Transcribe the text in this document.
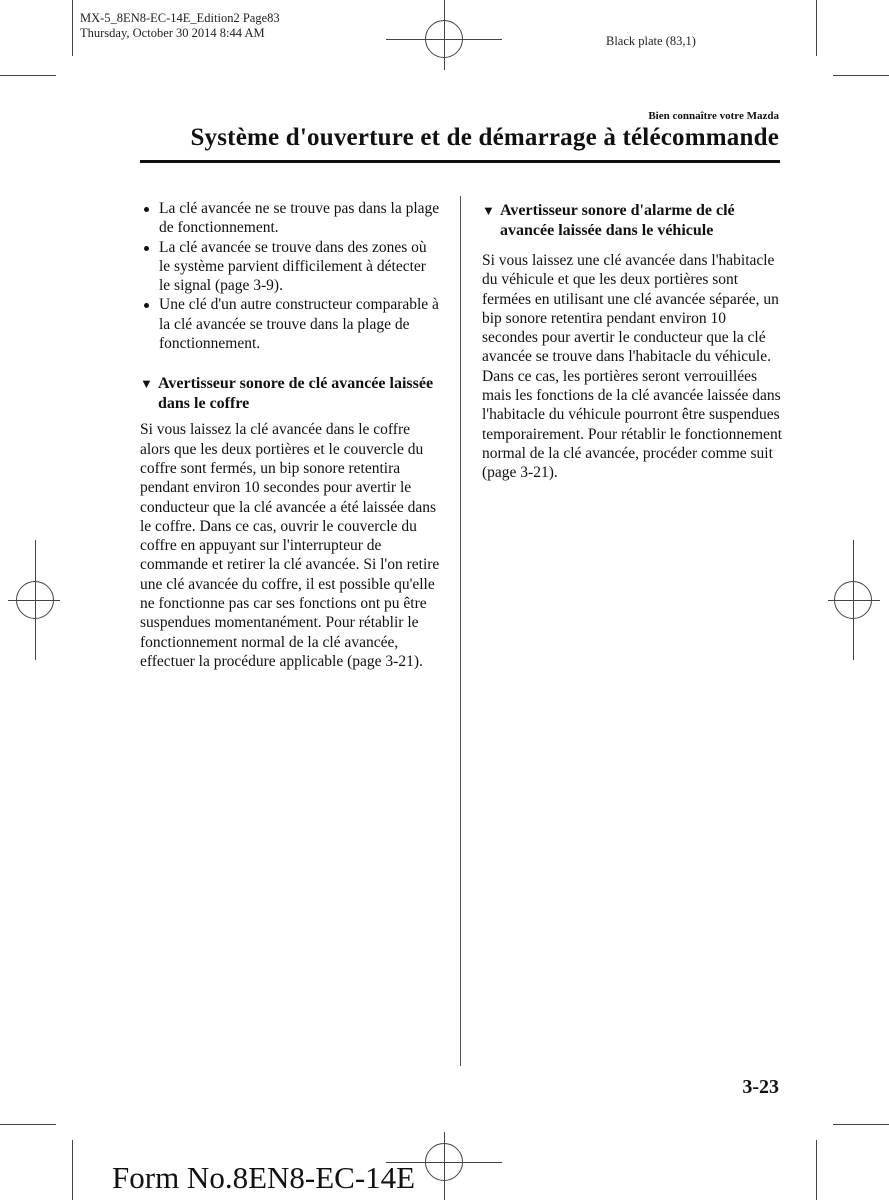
MX-5_8EN8-EC-14E_Edition2 Page83
Thursday, October 30 2014 8:44 AM
Black plate (83,1)
Bien connaître votre Mazda
Système d'ouverture et de démarrage à télécommande
La clé avancée ne se trouve pas dans la plage de fonctionnement.
La clé avancée se trouve dans des zones où le système parvient difficilement à détecter le signal (page 3-9).
Une clé d'un autre constructeur comparable à la clé avancée se trouve dans la plage de fonctionnement.
▼ Avertisseur sonore de clé avancée laissée dans le coffre

Si vous laissez la clé avancée dans le coffre alors que les deux portières et le couvercle du coffre sont fermés, un bip sonore retentira pendant environ 10 secondes pour avertir le conducteur que la clé avancée a été laissée dans le coffre. Dans ce cas, ouvrir le couvercle du coffre en appuyant sur l'interrupteur de commande et retirer la clé avancée. Si l'on retire une clé avancée du coffre, il est possible qu'elle ne fonctionne pas car ses fonctions ont pu être suspendues momentanément. Pour rétablir le fonctionnement normal de la clé avancée, effectuer la procédure applicable (page 3-21).

▼ Avertisseur sonore d'alarme de clé avancée laissée dans le véhicule

Si vous laissez une clé avancée dans l'habitacle du véhicule et que les deux portières sont fermées en utilisant une clé avancée séparée, un bip sonore retentira pendant environ 10 secondes pour avertir le conducteur que la clé avancée se trouve dans l'habitacle du véhicule. Dans ce cas, les portières seront verrouillées mais les fonctions de la clé avancée laissée dans l'habitacle du véhicule pourront être suspendues temporairement. Pour rétablir le fonctionnement normal de la clé avancée, procéder comme suit (page 3-21).

3-23
Form No.8EN8-EC-14E
